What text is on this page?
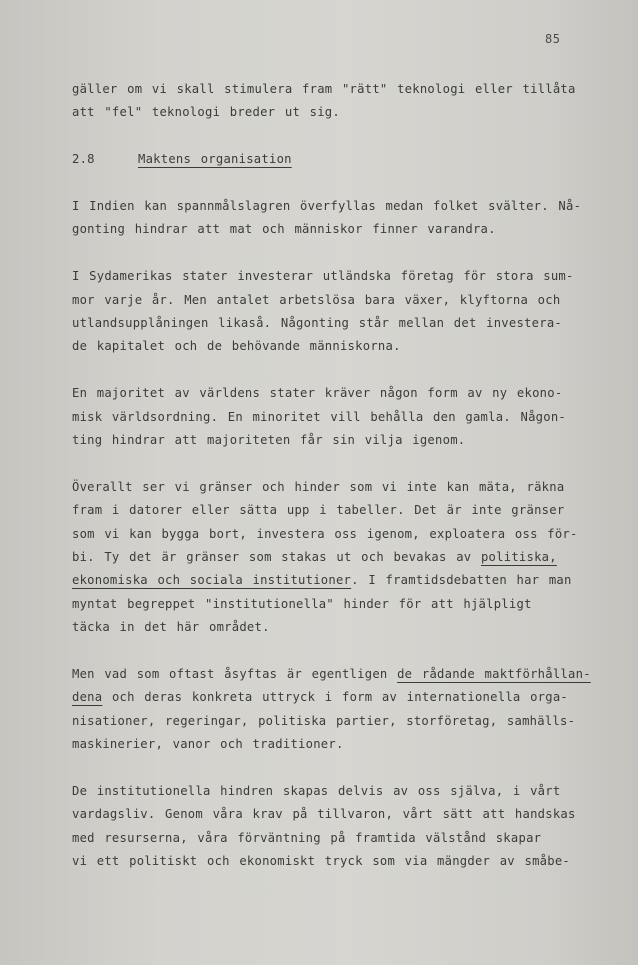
85
gäller om vi skall stimulera fram "rätt" teknologi eller tillåta
att "fel" teknologi breder ut sig.
2.8	Maktens organisation
I Indien kan spannmålslagren överfyllas medan folket svälter. Nå-
gonting hindrar att mat och människor finner varandra.
I Sydamerikas stater investerar utländska företag för stora sum-
mor varje år. Men antalet arbetslösa bara växer, klyftorna och
utlandsupplåningen likaså. Någonting står mellan det investera-
de kapitalet och de behövande människorna.
En majoritet av världens stater kräver någon form av ny ekono-
misk världsordning. En minoritet vill behålla den gamla. Någon-
ting hindrar att majoriteten får sin vilja igenom.
Överallt ser vi gränser och hinder som vi inte kan mäta, räkna
fram i datorer eller sätta upp i tabeller. Det är inte gränser
som vi kan bygga bort, investera oss igenom, exploatera oss för-
bi. Ty det är gränser som stakas ut och bevakas av politiska,
ekonomiska och sociala institutioner. I framtidsdebatten har man
myntat begreppet "institutionella" hinder för att hjälpligt
täcka in det här området.
Men vad som oftast åsyftas är egentligen de rådande maktförhållan-
dena och deras konkreta uttryck i form av internationella orga-
nisationer, regeringar, politiska partier, storföretag, samhälls-
maskinerier, vanor och traditioner.
De institutionella hindren skapas delvis av oss själva, i vårt
vardagsliv. Genom våra krav på tillvaron, vårt sätt att handskas
med resurserna, våra förväntning på framtida välstånd skapar
vi ett politiskt och ekonomiskt tryck som via mängder av småbe-
